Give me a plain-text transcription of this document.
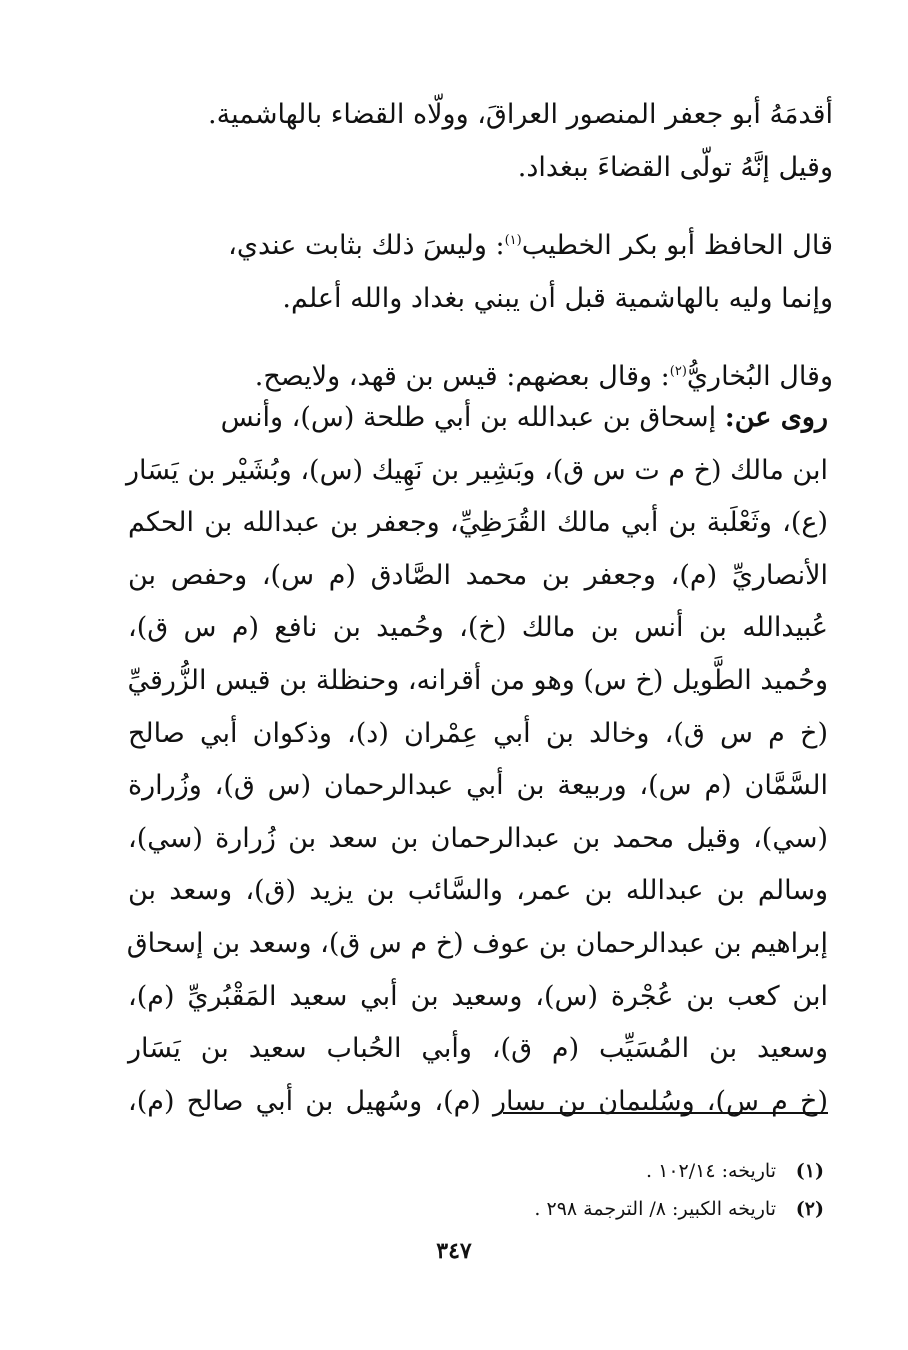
أقدمَهُ أبو جعفر المنصور العراقَ، وولّاه القضاء بالهاشمية.

وقيل إنَّهُ تولّى القضاءَ ببغداد.

قال الحافظ أبو بكر الخطيب$^{(١)}$: وليسَ ذلك بثابت عندي،

وإنما وليه بالهاشمية قبل أن يبني بغداد والله أعلم.

وقال البُخاريُّ$^{(٢)}$: وقال بعضهم: قيس بن قهد، ولايصح.

روى عن: إسحاق بن عبدالله بن أبي طلحة (س)، وأنس
ابن مالك (خ م ت س ق)، وبَشِير بن نَهِيك (س)، وبُشَيْر بن يَسَار
(ع)، وثَعْلَبة بن أبي مالك القُرَظِيِّ، وجعفر بن عبدالله بن الحكم
الأنصاريِّ (م)، وجعفر بن محمد الصَّادق (م س)، وحفص بن
عُبيدالله بن أنس بن مالك (خ)، وحُميد بن نافع (م س ق)،
وحُميد الطَّويل (خ س) وهو من أقرانه، وحنظلة بن قيس الزُّرقيِّ
(خ م س ق)، وخالد بن أبي عِمْران (د)، وذكوان أبي صالح
السَّمَّان (م س)، وربيعة بن أبي عبدالرحمان (س ق)، وزُرارة
(سي)، وقيل محمد بن عبدالرحمان بن سعد بن زُرارة (سي)،
وسالم بن عبدالله بن عمر، والسَّائب بن يزيد (ق)، وسعد بن
إبراهيم بن عبدالرحمان بن عوف (خ م س ق)، وسعد بن إسحاق
ابن كعب بن عُجْرة (س)، وسعيد بن أبي سعيد المَقْبُريِّ (م)،
وسعيد بن المُسَيِّب (م ق)، وأبي الحُباب سعيد بن يَسَار
(خ م س)، وسُليمان بن يسار (م)، وسُهيل بن أبي صالح (م)،
(١)تاريخه: ١٠٢/١٤ .
(٢)تاريخه الكبير: ٨/ الترجمة ٢٩٨ .
٣٤٧
